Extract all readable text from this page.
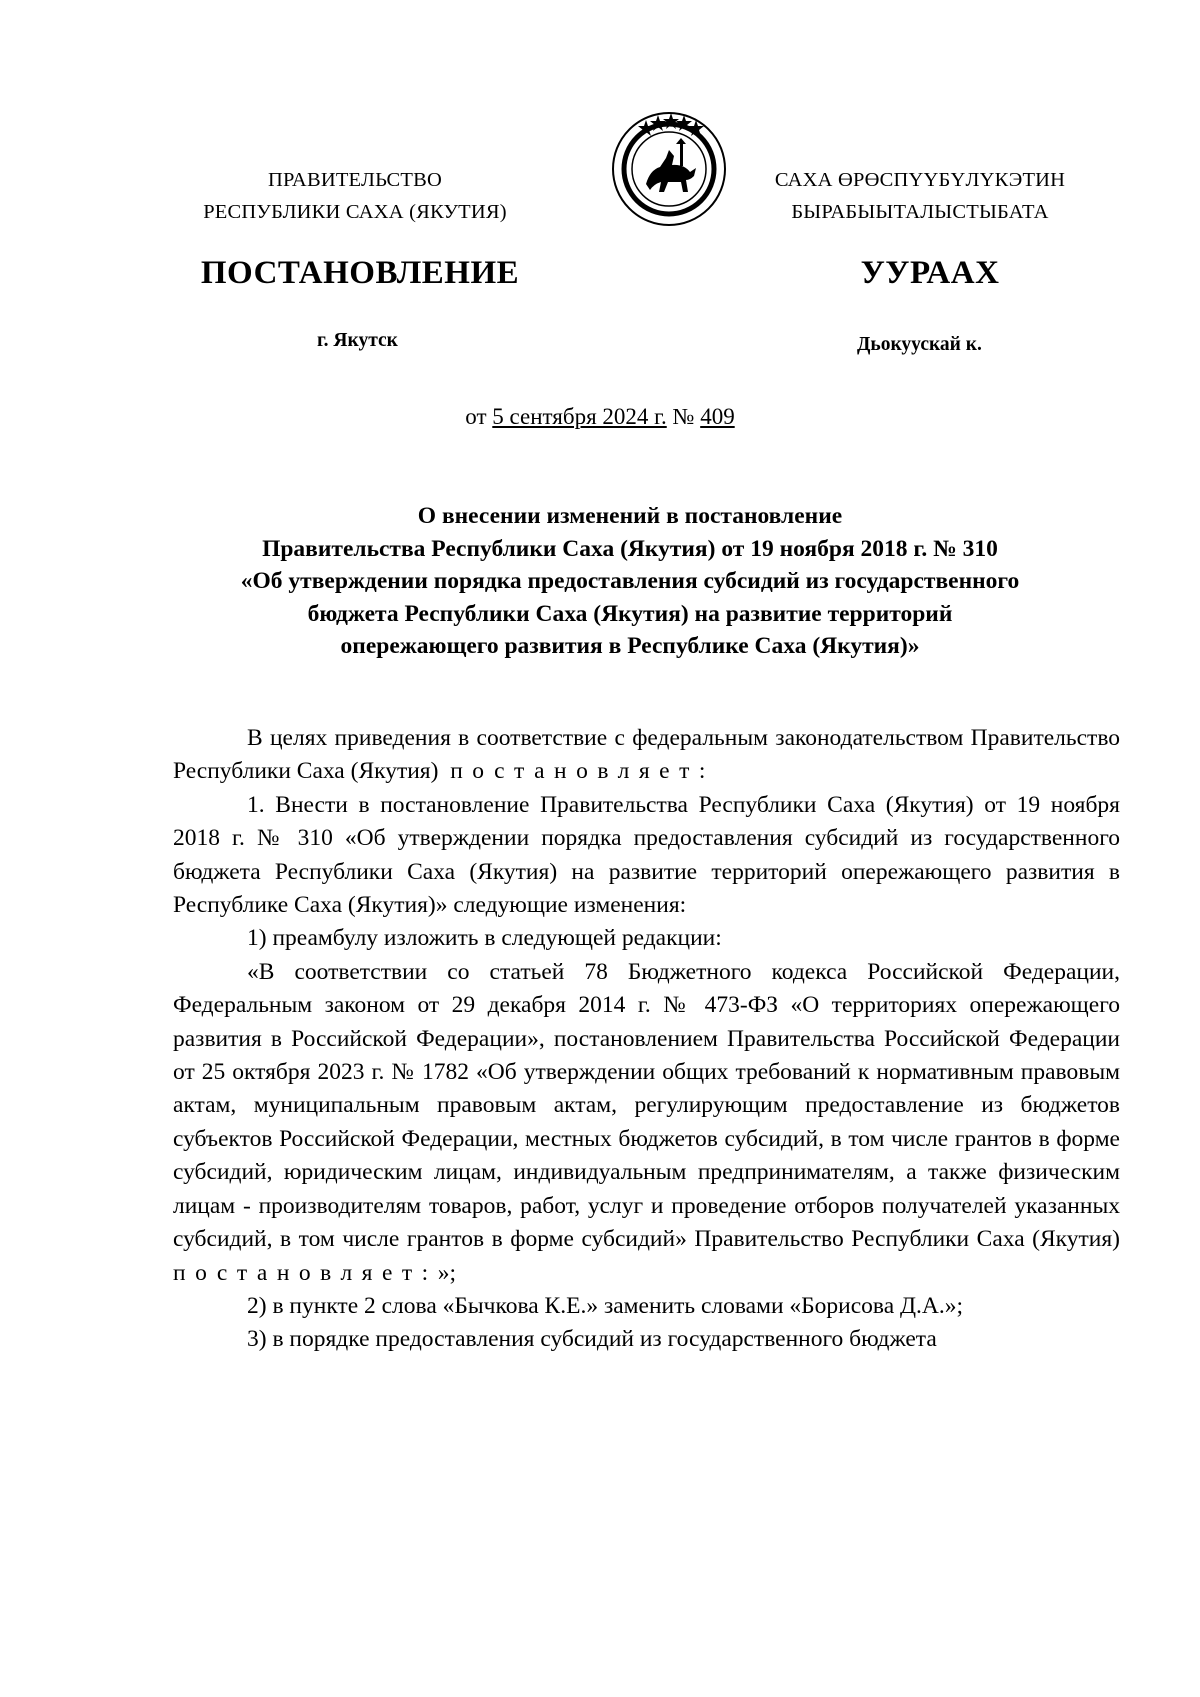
ПРАВИТЕЛЬСТВО
РЕСПУБЛИКИ САХА (ЯКУТИЯ)
САХА ӨРӨСПҮҮБҮЛҮКЭТИН
БЫРАБЫЫТАЛЫСТЫБАТА
ПОСТАНОВЛЕНИЕ	УУРААХ
г. Якутск	Дьокуускай к.
от 5 сентября 2024 г. № 409
О внесении изменений в постановление
Правительства Республики Саха (Якутия) от 19 ноября 2018 г. № 310
«Об утверждении порядка предоставления субсидий из государственного
бюджета Республики Саха (Якутия) на развитие территорий
опережающего развития в Республике Саха (Якутия)»

В целях приведения в соответствие с федеральным законодательством Правительство Республики Саха (Якутия) постановляет:

1. Внести в постановление Правительства Республики Саха (Якутия) от 19 ноября 2018 г. № 310 «Об утверждении порядка предоставления субсидий из государственного бюджета Республики Саха (Якутия) на развитие территорий опережающего развития в Республике Саха (Якутия)» следующие изменения:

1) преамбулу изложить в следующей редакции:

«В соответствии со статьей 78 Бюджетного кодекса Российской Федерации, Федеральным законом от 29 декабря 2014 г. № 473-ФЗ «О территориях опережающего развития в Российской Федерации», постановлением Правительства Российской Федерации от 25 октября 2023 г. № 1782 «Об утверждении общих требований к нормативным правовым актам, муниципальным правовым актам, регулирующим предоставление из бюджетов субъектов Российской Федерации, местных бюджетов субсидий, в том числе грантов в форме субсидий, юридическим лицам, индивидуальным предпринимателям, а также физическим лицам - производителям товаров, работ, услуг и проведение отборов получателей указанных субсидий, в том числе грантов в форме субсидий» Правительство Республики Саха (Якутия) постановляет:»;

2) в пункте 2 слова «Бычкова К.Е.» заменить словами «Борисова Д.А.»;

3) в порядке предоставления субсидий из государственного бюджета
